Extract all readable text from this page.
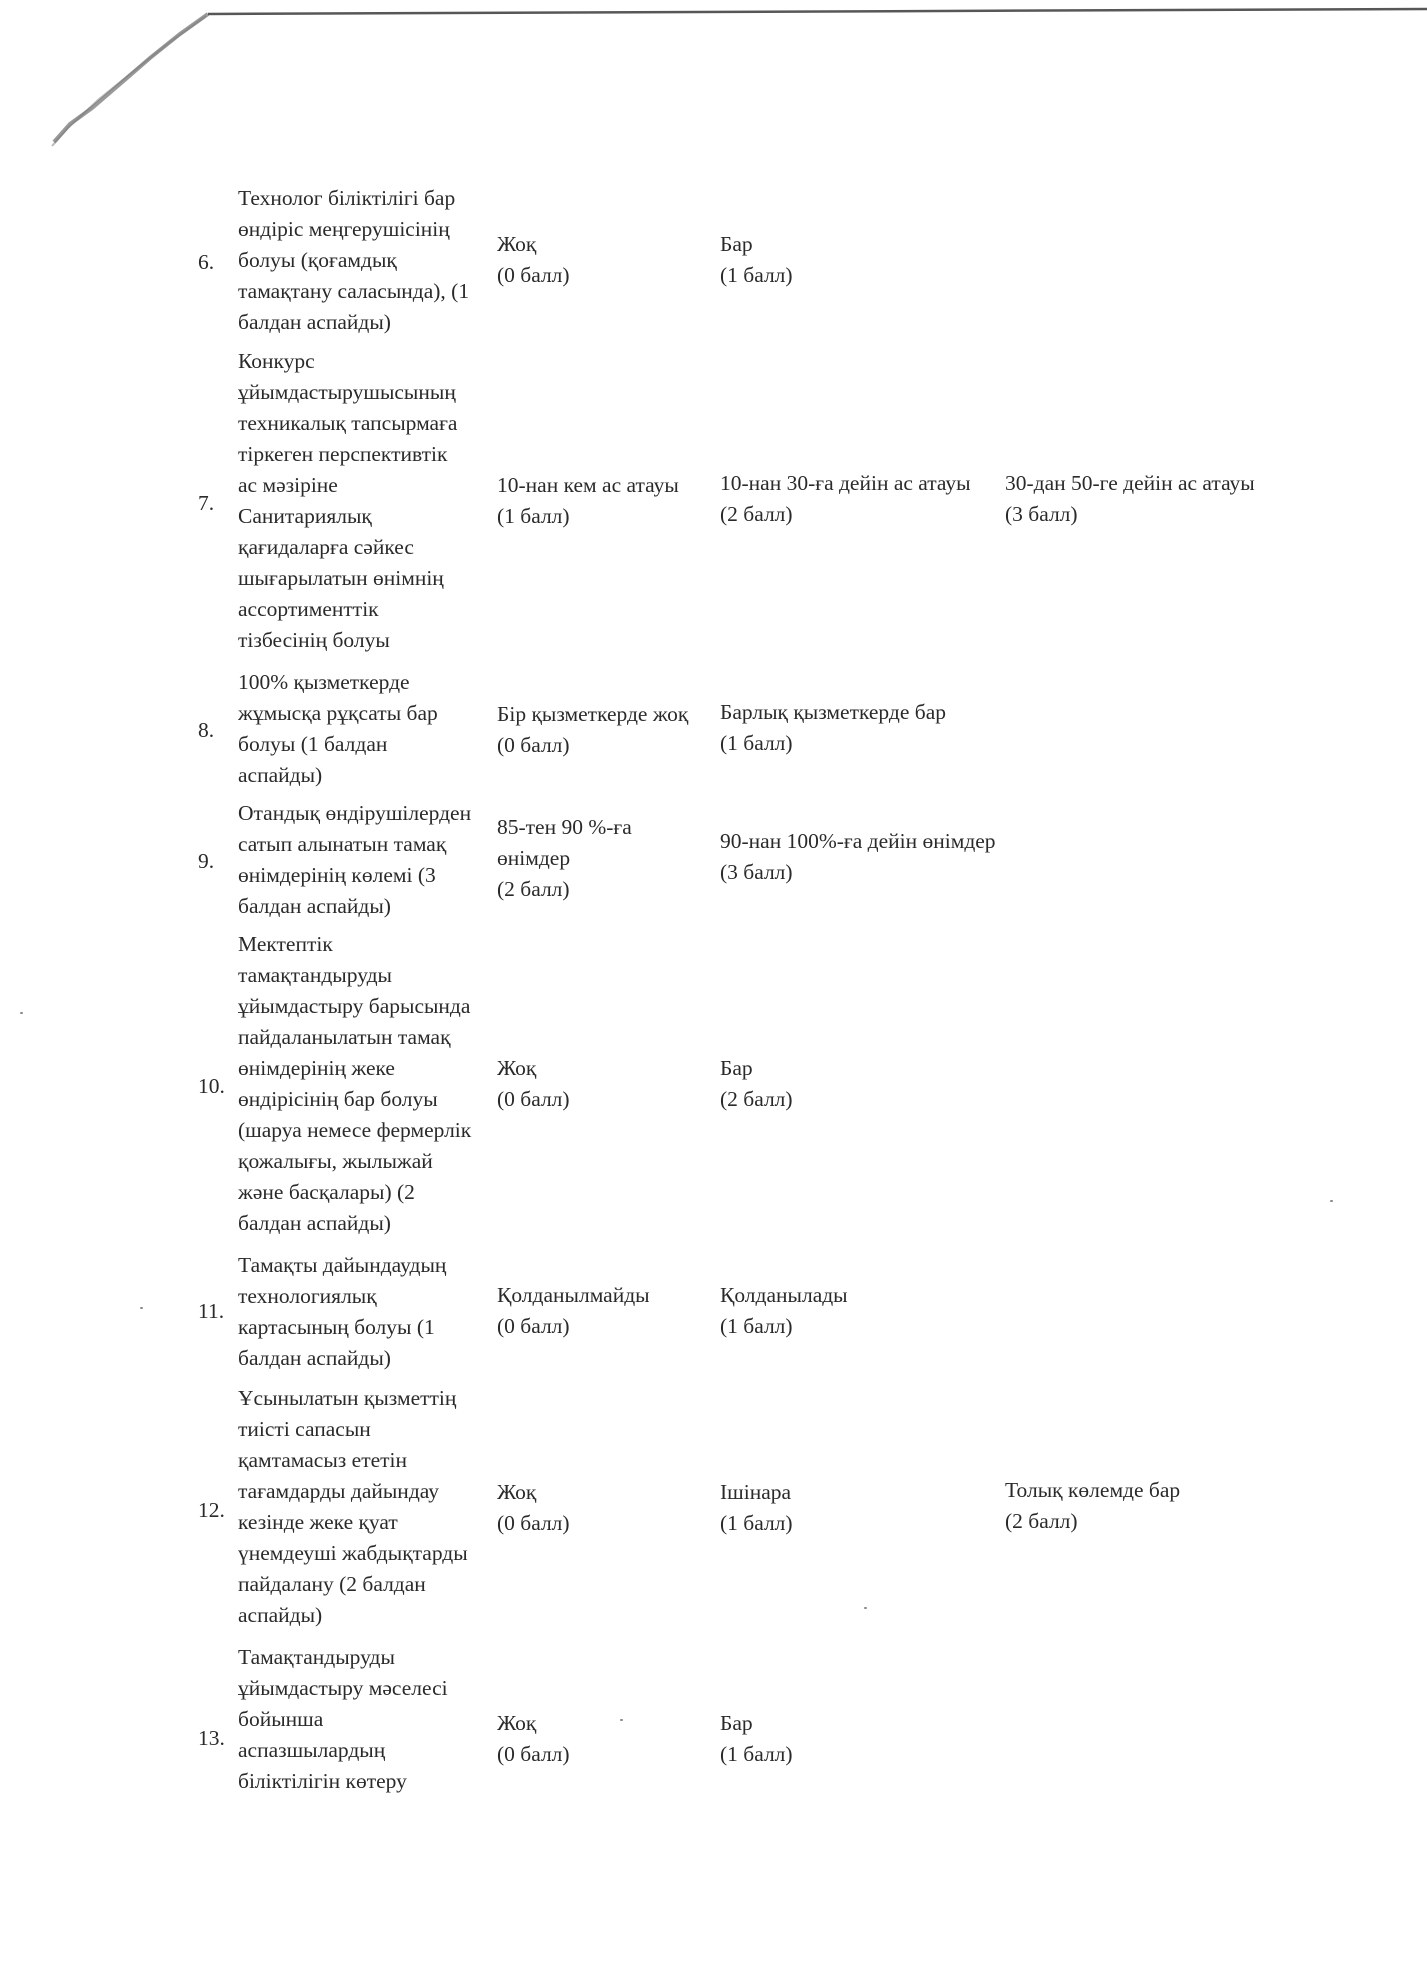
6.
Технолог біліктілігі бар
өндіріс меңгерушісінің
болуы (қоғамдық
тамақтану саласында), (1
балдан аспайды)
Жоқ
(0 балл)
Бар
(1 балл)
7.
Конкурс
ұйымдастырушысының
техникалық тапсырмаға
тіркеген перспективтік
ас мәзіріне
Санитариялық
қағидаларға сәйкес
шығарылатын өнімнің
ассортименттік
тізбесінің болуы
10-нан кем ас атауы
(1 балл)
10-нан 30-ға дейін ас атауы
(2 балл)
30-дан 50-ге дейін ас атауы
(3 балл)
8.
100% қызметкерде
жұмысқа рұқсаты бар
болуы (1 балдан
аспайды)
Бір қызметкерде жоқ
(0 балл)
Барлық қызметкерде бар
(1 балл)
9.
Отандық өндірушілерден
сатып алынатын тамақ
өнімдерінің көлемі (3
балдан аспайды)
85-тен 90 %-ға
өнімдер
(2 балл)
90-нан 100%-ға дейін өнімдер
(3 балл)
10.
Мектептік
тамақтандыруды
ұйымдастыру барысында
пайдаланылатын тамақ
өнімдерінің жеке
өндірісінің бар болуы
(шаруа немесе фермерлік
қожалығы, жылыжай
және басқалары) (2
балдан аспайды)
Жоқ
(0 балл)
Бар
(2 балл)
11.
Тамақты дайындаудың
технологиялық
картасының болуы (1
балдан аспайды)
Қолданылмайды
(0 балл)
Қолданылады
(1 балл)
12.
Ұсынылатын қызметтің
тиісті сапасын
қамтамасыз ететін
тағамдарды дайындау
кезінде жеке қуат
үнемдеуші жабдықтарды
пайдалану (2 балдан
аспайды)
Жоқ
(0 балл)
Ішінара
(1 балл)
Толық көлемде бар
(2 балл)
13.
Тамақтандыруды
ұйымдастыру мәселесі
бойынша
аспазшылардың
біліктілігін көтеру
Жоқ
(0 балл)
Бар
(1 балл)
